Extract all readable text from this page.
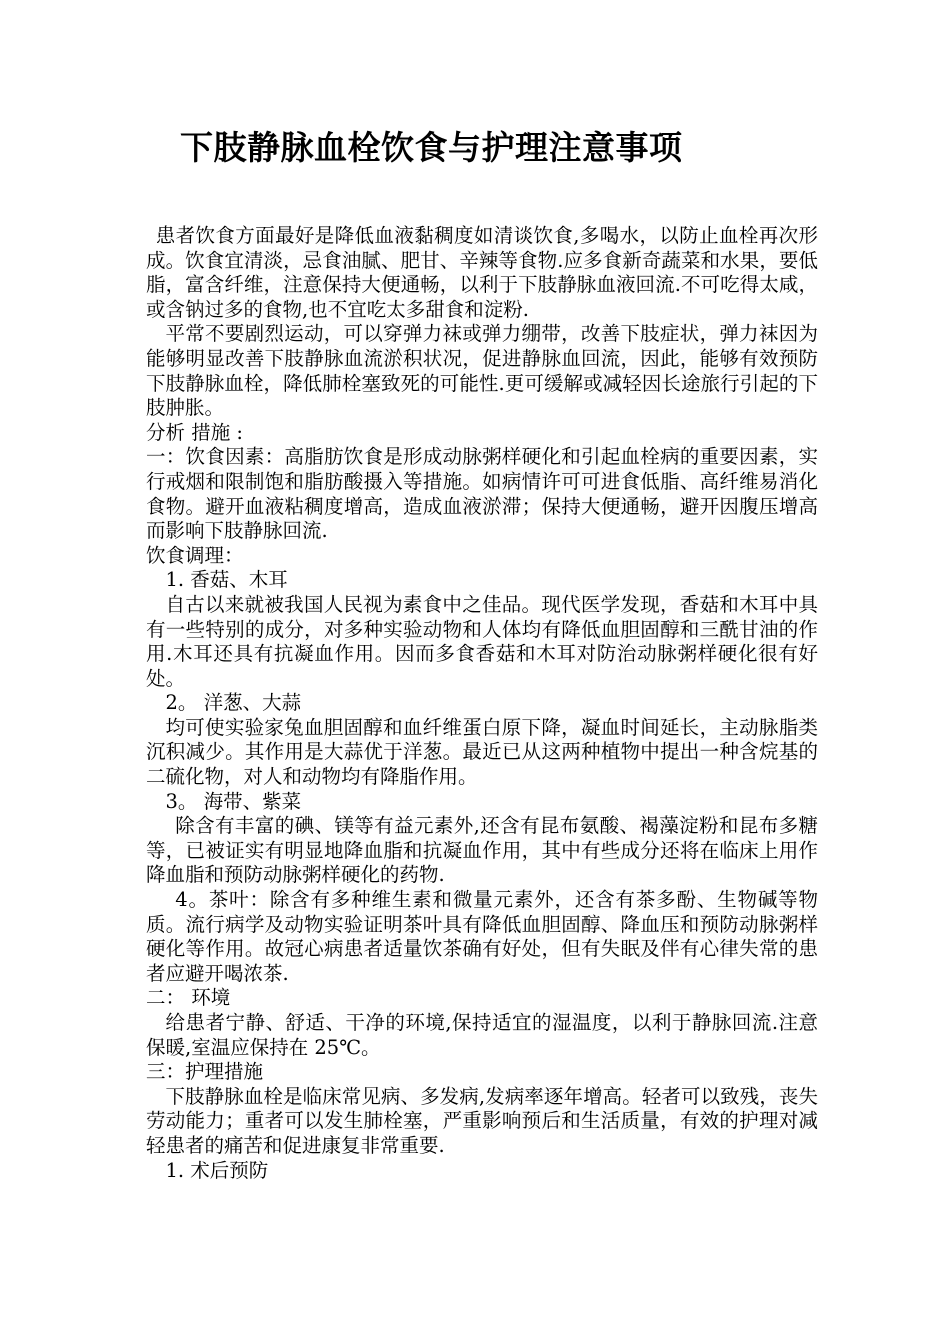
下肢静脉血栓饮食与护理注意事项

患者饮食方面最好是降低血液黏稠度如清谈饮食,多喝水，以防止血栓再次形成。饮食宜清淡，忌食油腻、肥甘、辛辣等食物.应多食新奇蔬菜和水果，要低脂，富含纤维，注意保持大便通畅，以利于下肢静脉血液回流.不可吃得太咸，或含钠过多的食物,也不宜吃太多甜食和淀粉.

平常不要剧烈运动，可以穿弹力袜或弹力绷带，改善下肢症状，弹力袜因为能够明显改善下肢静脉血流淤积状况，促进静脉血回流，因此，能够有效预防下肢静脉血栓，降低肺栓塞致死的可能性.更可缓解或减轻因长途旅行引起的下肢肿胀。

分析 措施 :

一：饮食因素：高脂肪饮食是形成动脉粥样硬化和引起血栓病的重要因素，实行戒烟和限制饱和脂肪酸摄入等措施。如病情许可可进食低脂、高纤维易消化食物。避开血液粘稠度增高，造成血液淤滞；保持大便通畅，避开因腹压增高而影响下肢静脉回流.

饮食调理：

1. 香菇、木耳

自古以来就被我国人民视为素食中之佳品。现代医学发现，香菇和木耳中具有一些特别的成分，对多种实验动物和人体均有降低血胆固醇和三酰甘油的作用.木耳还具有抗凝血作用。因而多食香菇和木耳对防治动脉粥样硬化很有好处。

2。 洋葱、大蒜

均可使实验家兔血胆固醇和血纤维蛋白原下降，凝血时间延长，主动脉脂类沉积减少。其作用是大蒜优于洋葱。最近已从这两种植物中提出一种含烷基的二硫化物，对人和动物均有降脂作用。

3。 海带、紫菜

除含有丰富的碘、镁等有益元素外,还含有昆布氨酸、褐藻淀粉和昆布多糖等，已被证实有明显地降血脂和抗凝血作用，其中有些成分还将在临床上用作降血脂和预防动脉粥样硬化的药物.

4。茶叶：除含有多种维生素和微量元素外，还含有茶多酚、生物碱等物质。流行病学及动物实验证明茶叶具有降低血胆固醇、降血压和预防动脉粥样硬化等作用。故冠心病患者适量饮茶确有好处，但有失眠及伴有心律失常的患者应避开喝浓茶.

二： 环境

给患者宁静、舒适、干净的环境,保持适宜的湿温度，以利于静脉回流.注意保暖,室温应保持在 25℃。

三：护理措施

下肢静脉血栓是临床常见病、多发病,发病率逐年增高。轻者可以致残，丧失劳动能力；重者可以发生肺栓塞，严重影响预后和生活质量，有效的护理对减轻患者的痛苦和促进康复非常重要.

1. 术后预防
